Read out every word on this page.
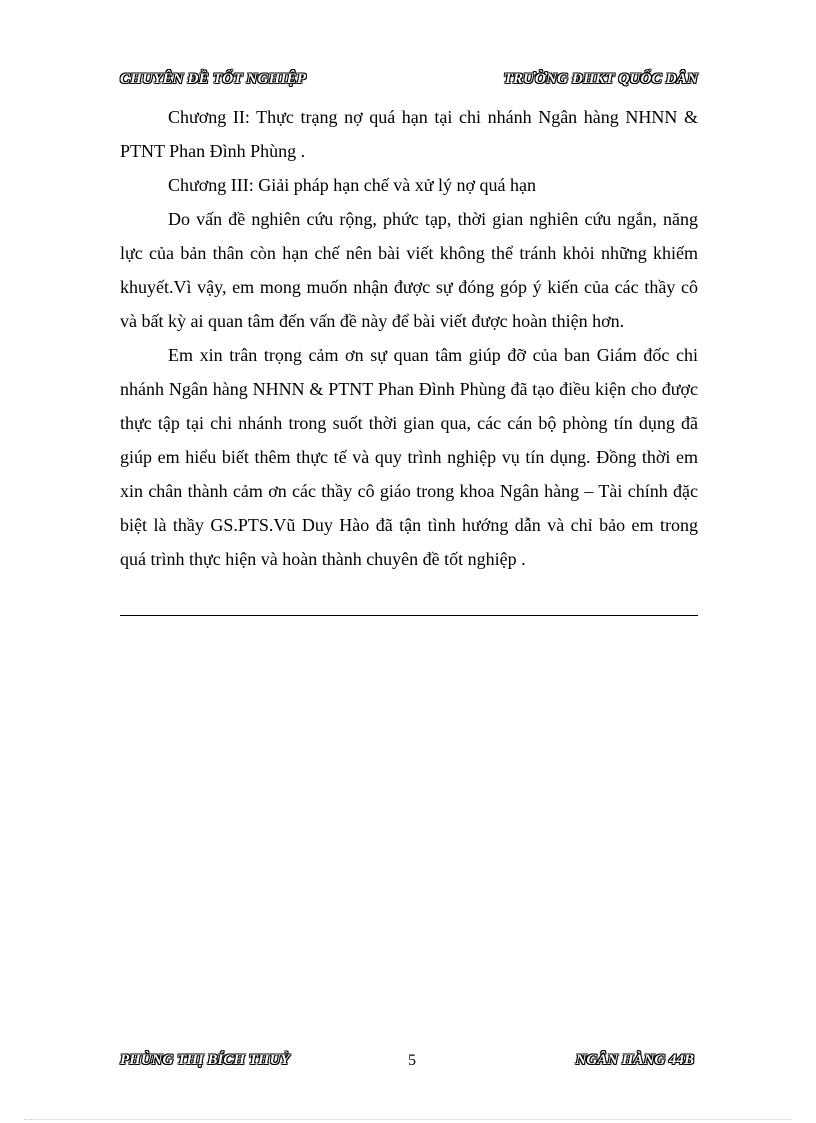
CHUYÊN ĐỀ TỐT NGHIỆP	TRƯỜNG ĐHKT QUỐC DÂN

Chương II: Thực trạng nợ quá hạn tại chi nhánh Ngân hàng NHNN & PTNT Phan Đình Phùng .

Chương III: Giải pháp hạn chế và xử lý nợ quá hạn

Do vấn đề nghiên cứu rộng, phức tạp, thời gian nghiên cứu ngắn, năng lực của bản thân còn hạn chế nên bài viết không thể tránh khỏi những khiếm khuyết.Vì vậy, em mong muốn nhận được sự đóng góp ý kiến của các thầy cô và bất kỳ ai quan tâm đến vấn đề này để bài viết được hoàn thiện hơn.

Em xin trân trọng cảm ơn sự quan tâm giúp đỡ của ban Giám đốc chi nhánh Ngân hàng NHNN & PTNT Phan Đình Phùng đã tạo điều kiện cho được thực tập tại chi nhánh trong suốt thời gian qua, các cán bộ phòng tín dụng đã giúp em hiểu biết thêm thực tế và quy trình nghiệp vụ tín dụng. Đồng thời em xin chân thành cảm ơn các thầy cô giáo trong khoa Ngân hàng – Tài chính đặc biệt là thầy GS.PTS.Vũ Duy Hào đã tận tình hướng dẫn và chỉ bảo em trong quá trình thực hiện và hoàn thành chuyên đề tốt nghiệp .

PHÙNG THỊ BÍCH THUỶ	5	NGÂN HÀNG 44B
